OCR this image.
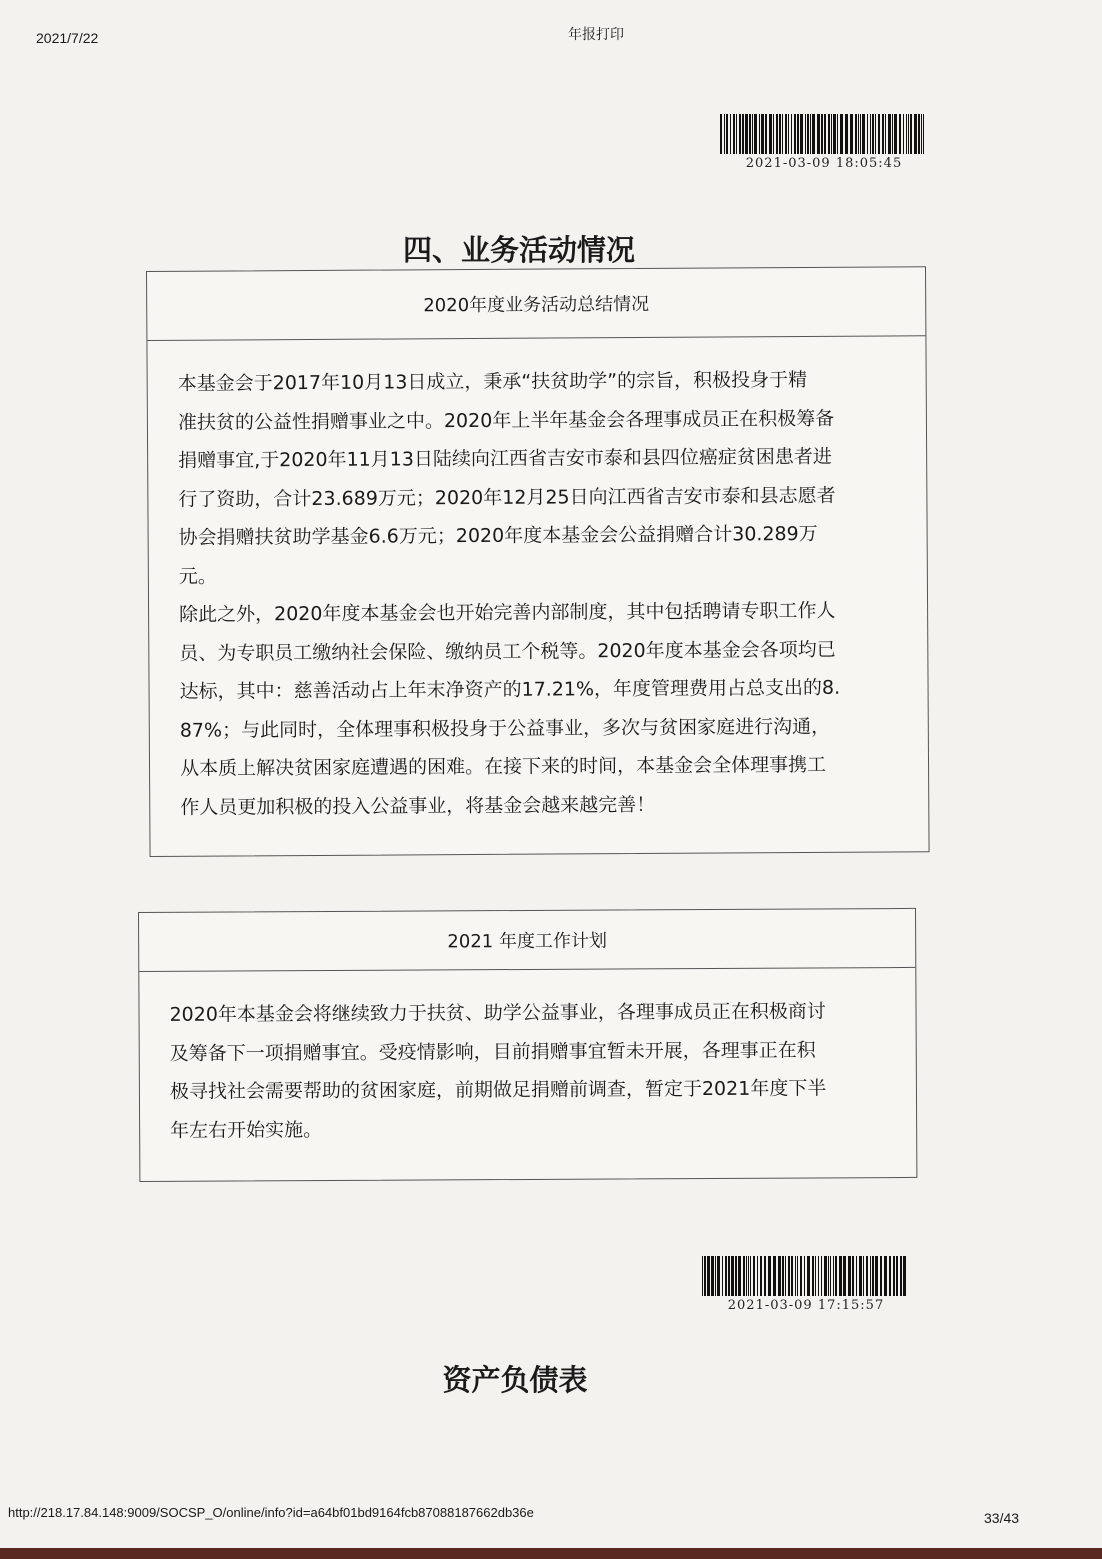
2021/7/22	年报打印
2021-03-09 18:05:45
四、业务活动情况
2020年度业务活动总结情况

本基金会于2017年10月13日成立，秉承“扶贫助学”的宗旨，积极投身于精

准扶贫的公益性捐赠事业之中。2020年上半年基金会各理事成员正在积极筹备

捐赠事宜,于2020年11月13日陆续向江西省吉安市泰和县四位癌症贫困患者进

行了资助，合计23.689万元；2020年12月25日向江西省吉安市泰和县志愿者

协会捐赠扶贫助学基金6.6万元；2020年度本基金会公益捐赠合计30.289万

元。

除此之外，2020年度本基金会也开始完善内部制度，其中包括聘请专职工作人

员、为专职员工缴纳社会保险、缴纳员工个税等。2020年度本基金会各项均已

达标，其中：慈善活动占上年末净资产的17.21%，年度管理费用占总支出的8.

87%；与此同时，全体理事积极投身于公益事业，多次与贫困家庭进行沟通，

从本质上解决贫困家庭遭遇的困难。在接下来的时间，本基金会全体理事携工

作人员更加积极的投入公益事业，将基金会越来越完善！

2021 年度工作计划

2020年本基金会将继续致力于扶贫、助学公益事业，各理事成员正在积极商讨

及筹备下一项捐赠事宜。受疫情影响，目前捐赠事宜暂未开展，各理事正在积

极寻找社会需要帮助的贫困家庭，前期做足捐赠前调查，暂定于2021年度下半

年左右开始实施。

2021-03-09 17:15:57
资产负债表
http://218.17.84.148:9009/SOCSP_O/online/info?id=a64bf01bd9164fcb87088187662db36e	33/43
